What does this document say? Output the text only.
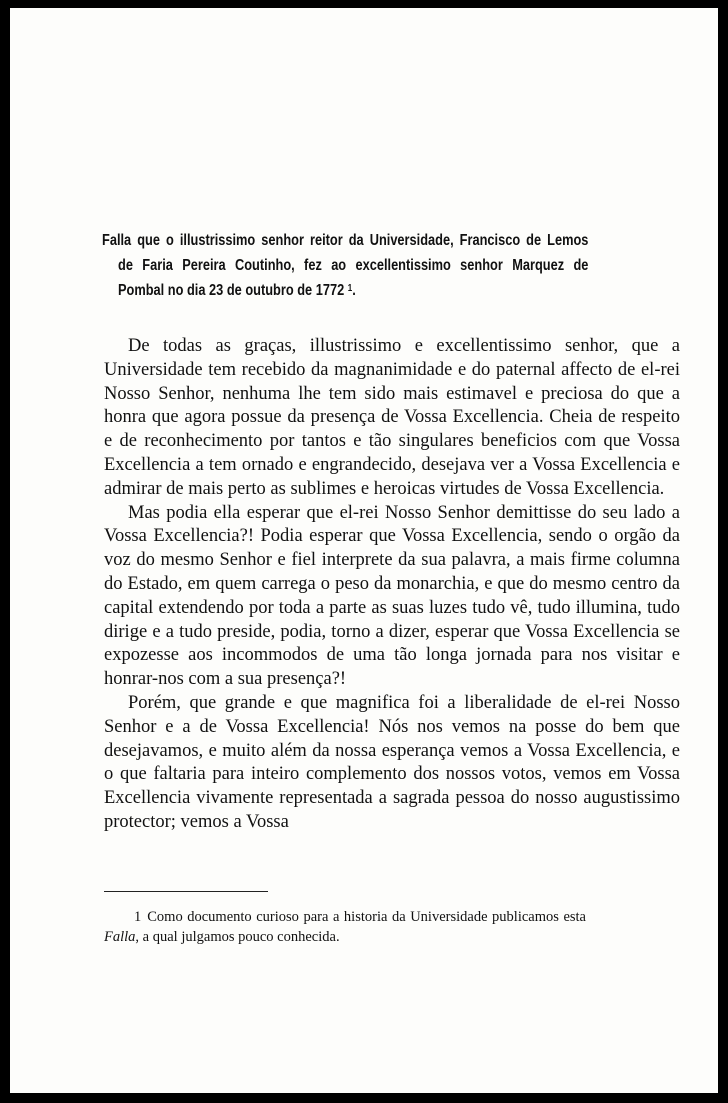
Falla que o illustrissimo senhor reitor da Universidade, Francisco de Lemos

de Faria Pereira Coutinho, fez ao excellentissimo senhor Marquez de

Pombal no dia 23 de outubro de 1772 $^1$.

De todas as graças, illustrissimo e excellentissimo senhor, que a Universidade tem recebido da magnanimidade e do paternal affecto de el-rei Nosso Senhor, nenhuma lhe tem sido mais estimavel e preciosa do que a honra que agora possue da presença de Vossa Excellencia. Cheia de respeito e de reconhecimento por tantos e tão singulares beneficios com que Vossa Excellencia a tem ornado e engrandecido, desejava ver a Vossa Excellencia e admirar de mais perto as sublimes e heroicas virtudes de Vossa Excellencia.

Mas podia ella esperar que el-rei Nosso Senhor demittisse do seu lado a Vossa Excellencia?! Podia esperar que Vossa Excellencia, sendo o orgão da voz do mesmo Senhor e fiel interprete da sua palavra, a mais firme columna do Estado, em quem carrega o peso da monarchia, e que do mesmo centro da capital extendendo por toda a parte as suas luzes tudo vê, tudo illumina, tudo dirige e a tudo preside, podia, torno a dizer, esperar que Vossa Excellencia se expozesse aos incommodos de uma tão longa jornada para nos visitar e honrar-nos com a sua presença?!

Porém, que grande e que magnifica foi a liberalidade de el-rei Nosso Senhor e a de Vossa Excellencia! Nós nos vemos na posse do bem que desejavamos, e muito além da nossa esperança vemos a Vossa Excellencia, e o que faltaria para inteiro complemento dos nossos votos, vemos em Vossa Excellencia vivamente representada a sagrada pessoa do nosso augustissimo protector; vemos a Vossa

1 Como documento curioso para a historia da Universidade publicamos esta Falla, a qual julgamos pouco conhecida.
